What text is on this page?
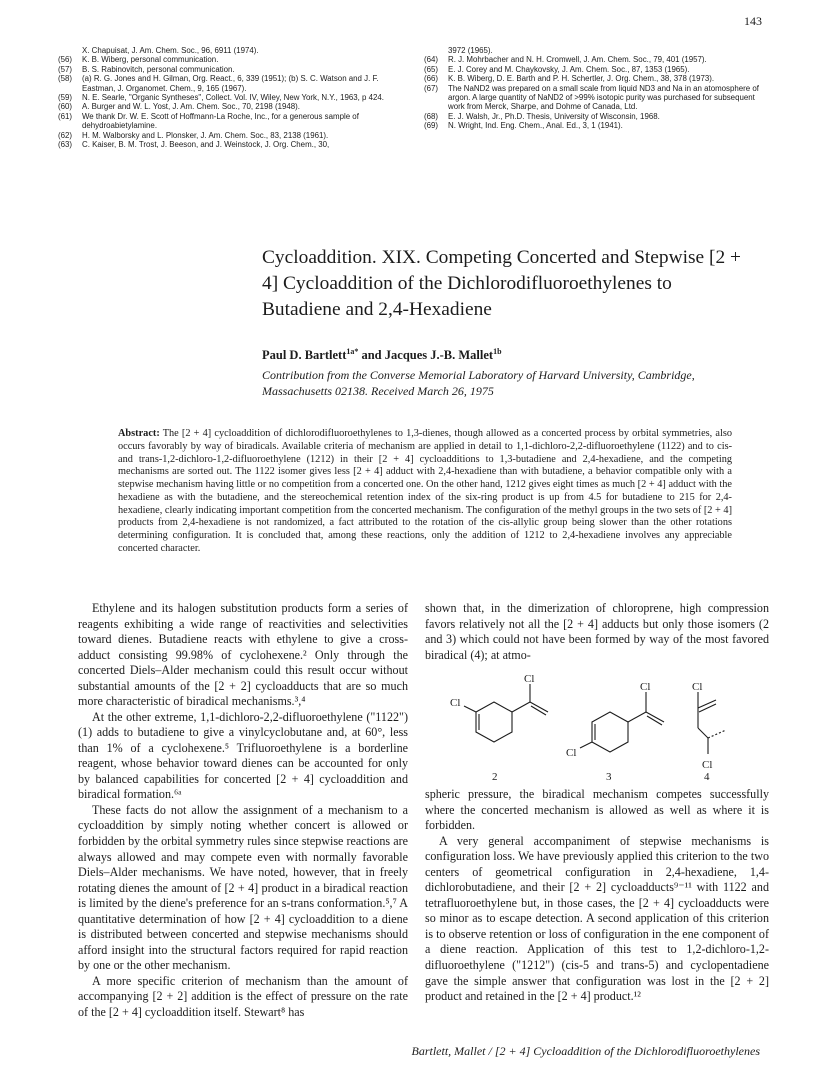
143
X. Chapuisat, J. Am. Chem. Soc., 96, 6911 (1974).
(56)	K. B. Wiberg, personal communication.
(57)	B. S. Rabinovitch, personal communication.
(58)	(a) R. G. Jones and H. Gilman, Org. React., 6, 339 (1951); (b) S. C. Watson and J. F. Eastman, J. Organomet. Chem., 9, 165 (1967).
(59)	N. E. Searle, "Organic Syntheses", Collect. Vol. IV, Wiley, New York, N.Y., 1963, p 424.
(60)	A. Burger and W. L. Yost, J. Am. Chem. Soc., 70, 2198 (1948).
(61)	We thank Dr. W. E. Scott of Hoffmann-La Roche, Inc., for a generous sample of dehydroabietylamine.
(62)	H. M. Walborsky and L. Plonsker, J. Am. Chem. Soc., 83, 2138 (1961).
(63)	C. Kaiser, B. M. Trost, J. Beeson, and J. Weinstock, J. Org. Chem., 30,
3972 (1965).
(64)	R. J. Mohrbacher and N. H. Cromwell, J. Am. Chem. Soc., 79, 401 (1957).
(65)	E. J. Corey and M. Chaykovsky, J. Am. Chem. Soc., 87, 1353 (1965).
(66)	K. B. Wiberg, D. E. Barth and P. H. Schertler, J. Org. Chem., 38, 378 (1973).
(67)	The NaND2 was prepared on a small scale from liquid ND3 and Na in an atomosphere of argon. A large quantity of NaND2 of >99% isotopic purity was purchased for subsequent work from Merck, Sharpe, and Dohme of Canada, Ltd.
(68)	E. J. Walsh, Jr., Ph.D. Thesis, University of Wisconsin, 1968.
(69)	N. Wright, Ind. Eng. Chem., Anal. Ed., 3, 1 (1941).
Cycloaddition. XIX. Competing Concerted and Stepwise [2 + 4] Cycloaddition of the Dichlorodifluoroethylenes to Butadiene and 2,4-Hexadiene
Paul D. Bartlett$^{1a*}$ and Jacques J.-B. Mallet$^{1b}$
Contribution from the Converse Memorial Laboratory of Harvard University, Cambridge, Massachusetts 02138. Received March 26, 1975

Abstract: The [2 + 4] cycloaddition of dichlorodifluoroethylenes to 1,3-dienes, though allowed as a concerted process by orbital symmetries, also occurs favorably by way of biradicals. Available criteria of mechanism are applied in detail to 1,1-dichloro-2,2-difluoroethylene (1122) and to cis- and trans-1,2-dichloro-1,2-difluoroethylene (1212) in their [2 + 4] cycloadditions to 1,3-butadiene and 2,4-hexadiene, and the competing mechanisms are sorted out. The 1122 isomer gives less [2 + 4] adduct with 2,4-hexadiene than with butadiene, a behavior compatible only with a stepwise mechanism having little or no competition from a concerted one. On the other hand, 1212 gives eight times as much [2 + 4] adduct with the hexadiene as with the butadiene, and the stereochemical retention index of the six-ring product is up from 4.5 for butadiene to 215 for 2,4-hexadiene, clearly indicating important competition from the concerted mechanism. The configuration of the methyl groups in the two sets of [2 + 4] products from 2,4-hexadiene is not randomized, a fact attributed to the rotation of the cis-allylic group being slower than the other rotations determining configuration. It is concluded that, among these reactions, only the addition of 1212 to 2,4-hexadiene involves any appreciable concerted character.

Ethylene and its halogen substitution products form a series of reagents exhibiting a wide range of reactivities and selectivities toward dienes. Butadiene reacts with ethylene to give a cross-adduct consisting 99.98% of cyclohexene.² Only through the concerted Diels–Alder mechanism could this result occur without substantial amounts of the [2 + 2] cycloadducts that are so much more characteristic of biradical mechanisms.³,⁴

At the other extreme, 1,1-dichloro-2,2-difluoroethylene ("1122") (1) adds to butadiene to give a vinylcyclobutane and, at 60°, less than 1% of a cyclohexene.⁵ Trifluoroethylene is a borderline reagent, whose behavior toward dienes can be accounted for only by balanced capabilities for concerted [2 + 4] cycloaddition and biradical formation.⁶ᵃ

These facts do not allow the assignment of a mechanism to a cycloaddition by simply noting whether concert is allowed or forbidden by the orbital symmetry rules since stepwise reactions are always allowed and may compete even with normally favorable Diels–Alder mechanisms. We have noted, however, that in freely rotating dienes the amount of [2 + 4] product in a biradical reaction is limited by the diene's preference for an s-trans conformation.⁵,⁷ A quantitative determination of how [2 + 4] cycloaddition to a diene is distributed between concerted and stepwise mechanisms should afford insight into the structural factors required for rapid reaction by one or the other mechanism.

A more specific criterion of mechanism than the amount of accompanying [2 + 2] addition is the effect of pressure on the rate of the [2 + 4] cycloaddition itself. Stewart⁸ has

shown that, in the dimerization of chloroprene, high compression favors relatively not all the [2 + 4] adducts but only those isomers (2 and 3) which could not have been formed by way of the most favored biradical (4); at atmo-

spheric pressure, the biradical mechanism competes successfully where the concerted mechanism is allowed as well as where it is forbidden.

A very general accompaniment of stepwise mechanisms is configuration loss. We have previously applied this criterion to the two centers of geometrical configuration in 2,4-hexadiene, 1,4-dichlorobutadiene, and their [2 + 2] cycloadducts⁹⁻¹¹ with 1122 and tetrafluoroethylene but, in those cases, the [2 + 4] cycloadducts were so minor as to escape detection. A second application of this criterion is to observe retention or loss of configuration in the ene component of a diene reaction. Application of this test to 1,2-dichloro-1,2-difluoroethylene ("1212") (cis-5 and trans-5) and cyclopentadiene gave the simple answer that configuration was lost in the [2 + 2] product and retained in the [2 + 4] product.¹²

Cl
Cl
Cl
Cl	Cl
Cl
2	3	4
Bartlett, Mallet / [2 + 4] Cycloaddition of the Dichlorodifluoroethylenes
